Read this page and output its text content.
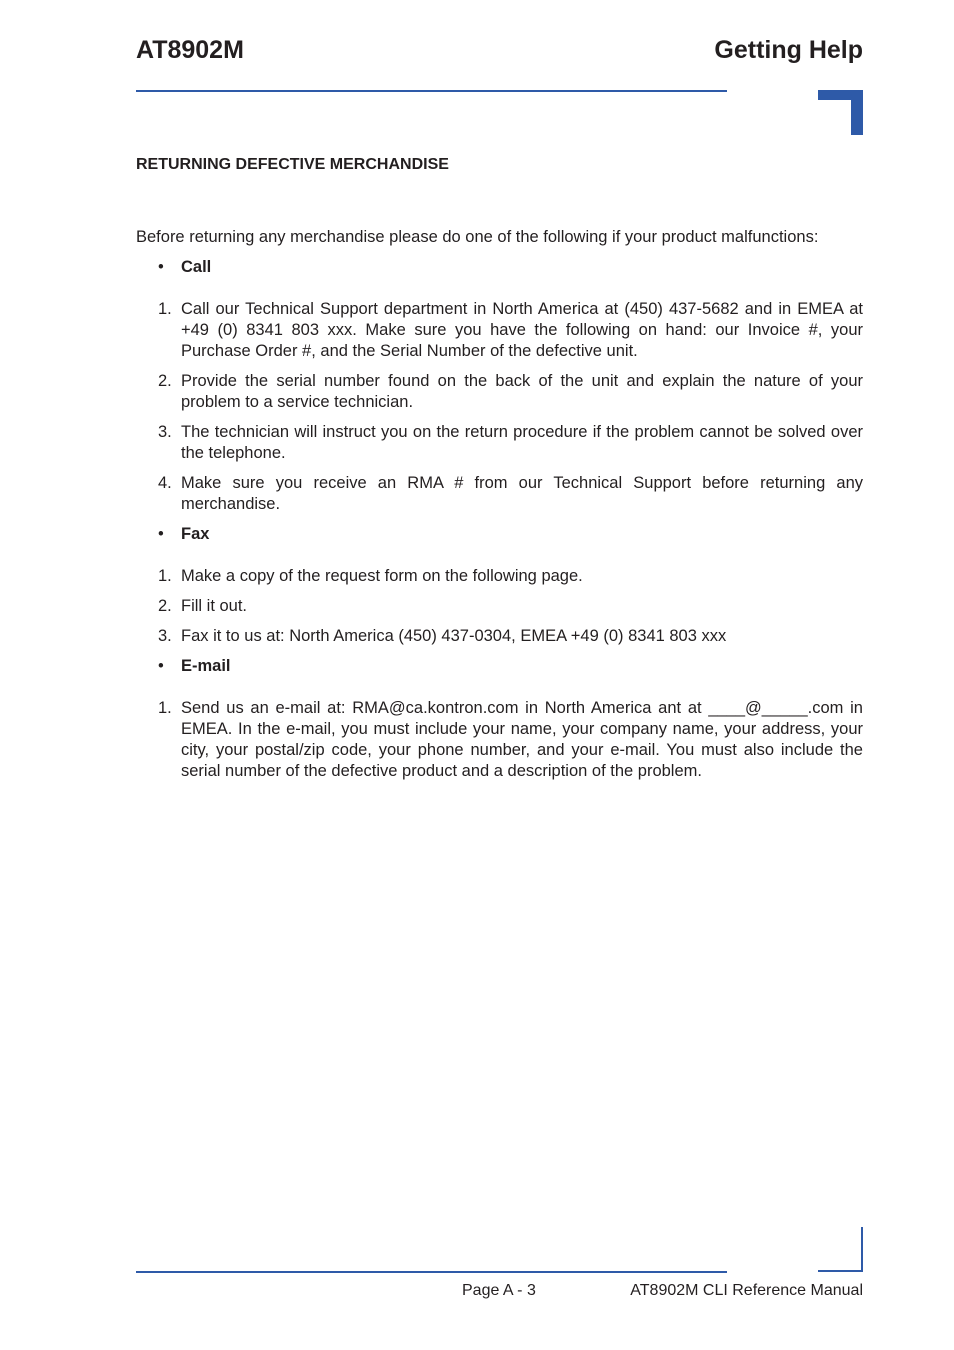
AT8902M	Getting Help
RETURNING DEFECTIVE MERCHANDISE
Before returning any merchandise please do one of the following if your product malfunctions:
• Call
1. Call our Technical Support department in North America at (450) 437-5682 and in EMEA at +49 (0) 8341 803 xxx. Make sure you have the following on hand: our Invoice #, your Purchase Order #, and the Serial Number of the defective unit.
2. Provide the serial number found on the back of the unit and explain the nature of your problem to a service technician.
3. The technician will instruct you on the return procedure if the problem cannot be solved over the telephone.
4. Make sure you receive an RMA # from our Technical Support before returning any merchandise.
• Fax
1. Make a copy of the request form on the following page.
2. Fill it out.
3. Fax it to us at: North America (450) 437-0304, EMEA +49 (0) 8341 803 xxx
• E-mail
1. Send us an e-mail at: RMA@ca.kontron.com in North America ant at ____@_____.com in EMEA. In the e-mail, you must include your name, your company name, your address, your city, your postal/zip code, your phone number, and your e-mail. You must also include the serial number of the defective product and a description of the problem.
Page A - 3	AT8902M CLI Reference Manual
